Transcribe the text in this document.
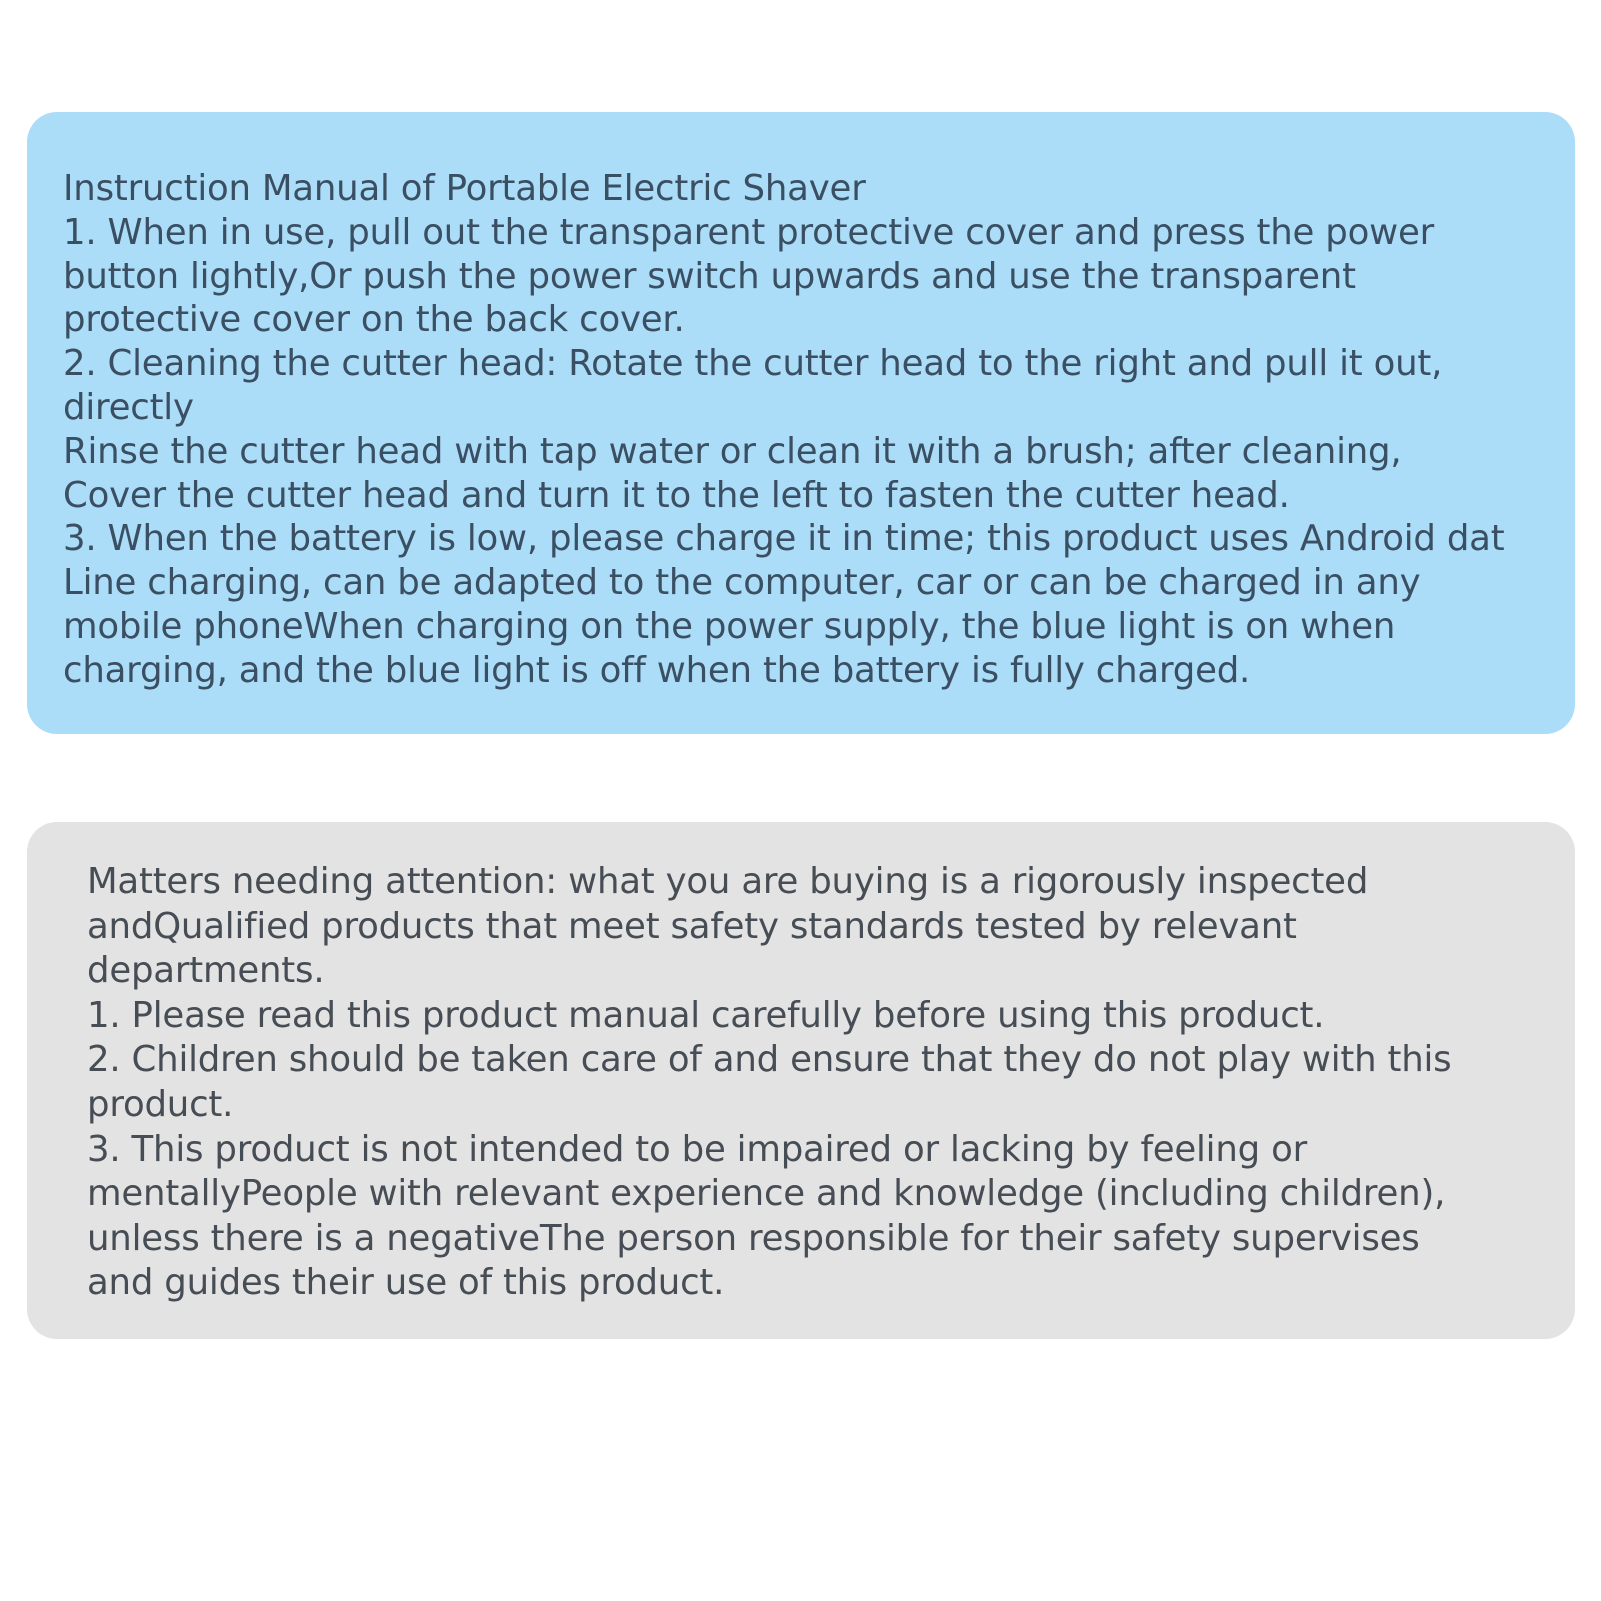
Instruction Manual of Portable Electric Shaver
1. When in use, pull out the transparent protective cover and press the power
button lightly,Or push the power switch upwards and use the transparent
protective cover on the back cover.
2. Cleaning the cutter head: Rotate the cutter head to the right and pull it out,
directly
Rinse the cutter head with tap water or clean it with a brush; after cleaning,
Cover the cutter head and turn it to the left to fasten the cutter head.
3. When the battery is low, please charge it in time; this product uses Android dat
Line charging, can be adapted to the computer, car or can be charged in any
mobile phoneWhen charging on the power supply, the blue light is on when
charging, and the blue light is off when the battery is fully charged.
Matters needing attention: what you are buying is a rigorously inspected
andQualified products that meet safety standards tested by relevant
departments.
1. Please read this product manual carefully before using this product.
2. Children should be taken care of and ensure that they do not play with this
product.
3. This product is not intended to be impaired or lacking by feeling or
mentallyPeople with relevant experience and knowledge (including children),
unless there is a negativeThe person responsible for their safety supervises
and guides their use of this product.
